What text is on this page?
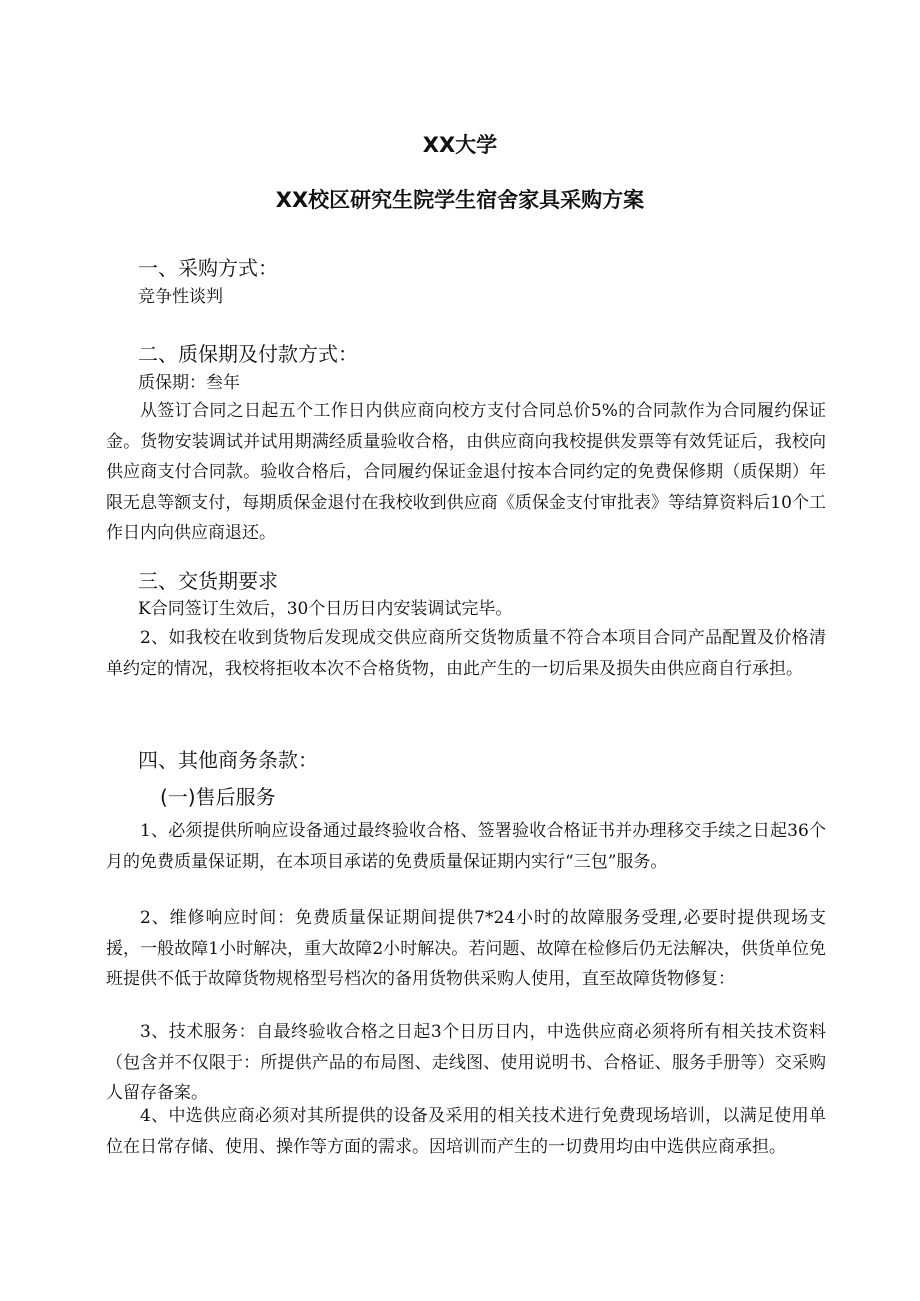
XX大学
XX校区研究生院学生宿舍家具采购方案
一、采购方式：
竞争性谈判
二、质保期及付款方式：
质保期：叁年

从签订合同之日起五个工作日内供应商向校方支付合同总价5%的合同款作为合同履约保证金。货物安装调试并试用期满经质量验收合格，由供应商向我校提供发票等有效凭证后，我校向供应商支付合同款。验收合格后，合同履约保证金退付按本合同约定的免费保修期（质保期）年限无息等额支付，每期质保金退付在我校收到供应商《质保金支付审批表》等结算资料后10个工作日内向供应商退还。

三、交货期要求
K合同签订生效后，30个日历日内安装调试完毕。

2、如我校在收到货物后发现成交供应商所交货物质量不符合本项目合同产品配置及价格清单约定的情况，我校将拒收本次不合格货物，由此产生的一切后果及损失由供应商自行承担。

四、其他商务条款：
(一)售后服务

1、必须提供所响应设备通过最终验收合格、签署验收合格证书并办理移交手续之日起36个月的免费质量保证期，在本项目承诺的免费质量保证期内实行“三包”服务。

2、维修响应时间：免费质量保证期间提供7*24小时的故障服务受理,必要时提供现场支援，一般故障1小时解决，重大故障2小时解决。若问题、故障在检修后仍无法解决，供货单位免班提供不低于故障货物规格型号档次的备用货物供采购人使用，直至故障货物修复：

3、技术服务：自最终验收合格之日起3个日历日内，中选供应商必须将所有相关技术资料（包含并不仅限于：所提供产品的布局图、走线图、使用说明书、合格证、服务手册等）交采购人留存备案。

4、中选供应商必须对其所提供的设备及采用的相关技术进行免费现场培训，以满足使用单位在日常存储、使用、操作等方面的需求。因培训而产生的一切费用均由中选供应商承担。
